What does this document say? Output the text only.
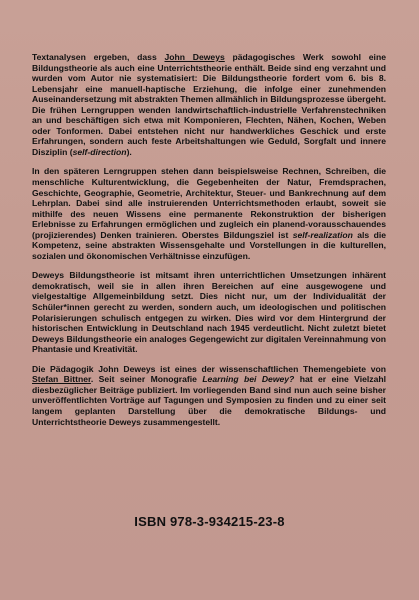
Textanalysen ergeben, dass John Deweys pädagogisches Werk sowohl eine Bildungstheorie als auch eine Unterrichtstheorie enthält. Beide sind eng verzahnt und wurden vom Autor nie systematisiert: Die Bildungstheorie fordert vom 6. bis 8. Lebensjahr eine manuell-haptische Erziehung, die infolge einer zunehmenden Auseinandersetzung mit abstrakten Themen allmählich in Bildungsprozesse übergeht. Die frühen Lerngruppen wenden landwirtschaftlich-industrielle Verfahrenstechniken an und beschäftigen sich etwa mit Komponieren, Flechten, Nähen, Kochen, Weben oder Tonformen. Dabei entstehen nicht nur handwerkliches Geschick und erste Erfahrungen, sondern auch feste Arbeitshaltungen wie Geduld, Sorgfalt und innere Disziplin (self-direction).

In den späteren Lerngruppen stehen dann beispielsweise Rechnen, Schreiben, die menschliche Kulturentwicklung, die Gegebenheiten der Natur, Fremdsprachen, Geschichte, Geographie, Geometrie, Architektur, Steuer- und Bankrechnung auf dem Lehrplan. Dabei sind alle instruierenden Unterrichtsmethoden erlaubt, soweit sie mithilfe des neuen Wissens eine permanente Rekonstruktion der bisherigen Erlebnisse zu Erfahrungen ermöglichen und zugleich ein planend-vorausschauendes (projizierendes) Denken trainieren. Oberstes Bildungsziel ist self-realization als die Kompetenz, seine abstrakten Wissensgehalte und Vorstellungen in die kulturellen, sozialen und ökonomischen Verhältnisse einzufügen.

Deweys Bildungstheorie ist mitsamt ihren unterrichtlichen Umsetzungen inhärent demokratisch, weil sie in allen ihren Bereichen auf eine ausgewogene und vielgestaltige Allgemeinbildung setzt. Dies nicht nur, um der Individualität der Schüler*innen gerecht zu werden, sondern auch, um ideologischen und politischen Polarisierungen schulisch entgegen zu wirken. Dies wird vor dem Hintergrund der historischen Entwicklung in Deutschland nach 1945 verdeutlicht. Nicht zuletzt bietet Deweys Bildungstheorie ein analoges Gegengewicht zur digitalen Vereinnahmung von Phantasie und Kreativität.

Die Pädagogik John Deweys ist eines der wissenschaftlichen Themengebiete von Stefan Bittner. Seit seiner Monografie Learning bei Dewey? hat er eine Vielzahl diesbezüglicher Beiträge publiziert. Im vorliegenden Band sind nun auch seine bisher unveröffentlichten Vorträge auf Tagungen und Symposien zu finden und zu einer seit langem geplanten Darstellung über die demokratische Bildungs- und Unterrichtstheorie Deweys zusammengestellt.

ISBN 978-3-934215-23-8
